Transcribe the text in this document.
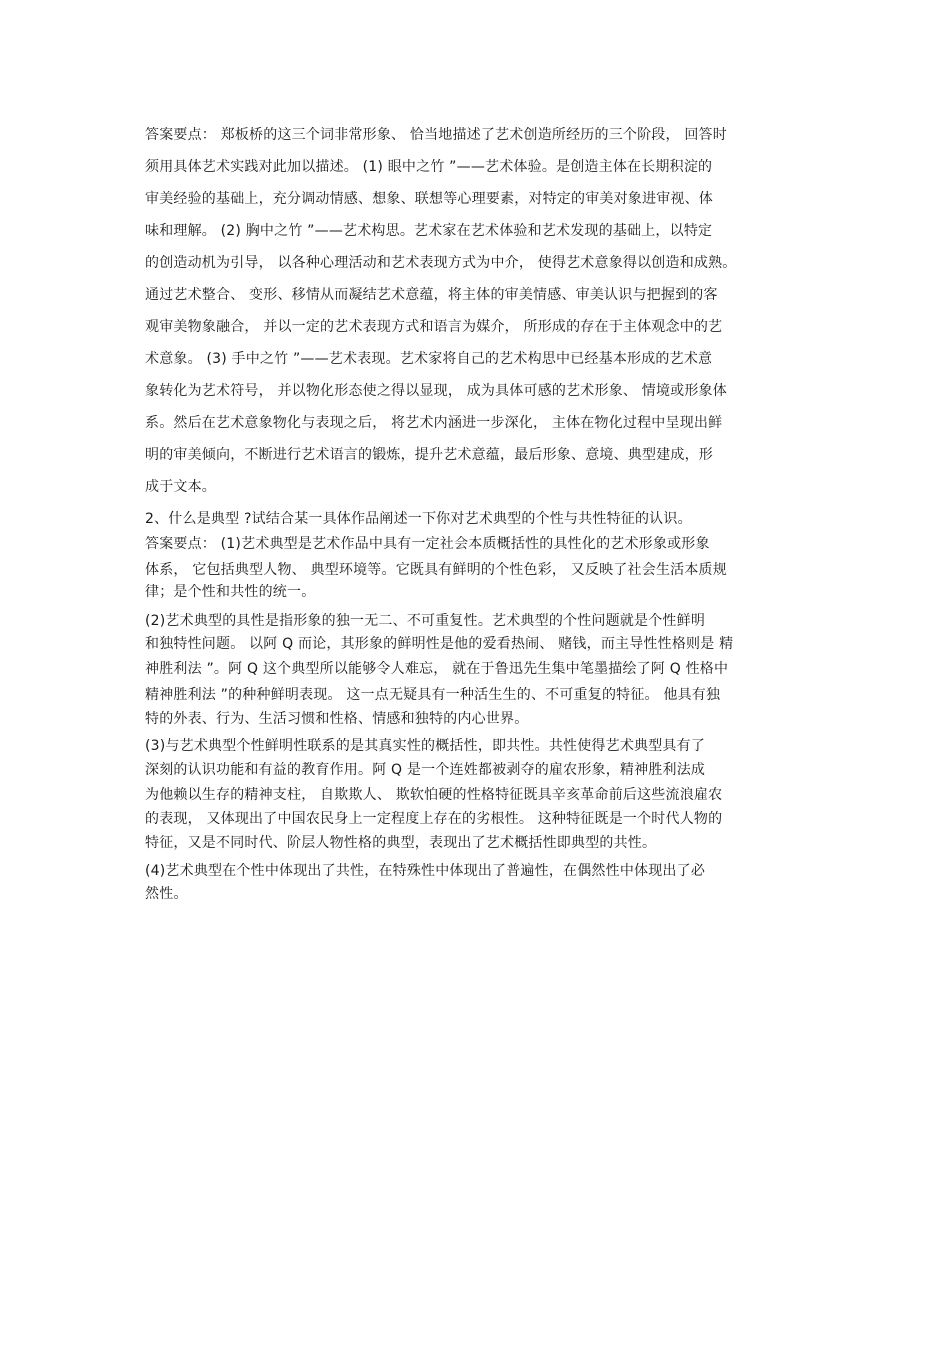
答案要点： 郑板桥的这三个词非常形象、 恰当地描述了艺术创造所经历的三个阶段， 回答时
须用具体艺术实践对此加以描述。 (1) 眼中之竹 ”——艺术体验。是创造主体在长期积淀的
审美经验的基础上，充分调动情感、想象、联想等心理要素，对特定的审美对象进审视、体
味和理解。 (2) 胸中之竹 ”——艺术构思。艺术家在艺术体验和艺术发现的基础上，以特定
的创造动机为引导， 以各种心理活动和艺术表现方式为中介， 使得艺术意象得以创造和成熟。
通过艺术整合、 变形、移情从而凝结艺术意蕴，将主体的审美情感、审美认识与把握到的客
观审美物象融合， 并以一定的艺术表现方式和语言为媒介， 所形成的存在于主体观念中的艺
术意象。 (3) 手中之竹 ”——艺术表现。艺术家将自己的艺术构思中已经基本形成的艺术意
象转化为艺术符号， 并以物化形态使之得以显现， 成为具体可感的艺术形象、 情境或形象体
系。然后在艺术意象物化与表现之后， 将艺术内涵进一步深化， 主体在物化过程中呈现出鲜
明的审美倾向，不断进行艺术语言的锻炼，提升艺术意蕴，最后形象、意境、典型建成，形
成于文本。
2、什么是典型 ?试结合某一具体作品阐述一下你对艺术典型的个性与共性特征的认识。
答案要点： (1)艺术典型是艺术作品中具有一定社会本质概括性的具性化的艺术形象或形象
体系， 它包括典型人物、 典型环境等。它既具有鲜明的个性色彩， 又反映了社会生活本质规
律；是个性和共性的统一。
(2)艺术典型的具性是指形象的独一无二、不可重复性。艺术典型的个性问题就是个性鲜明
和独特性问题。 以阿 Q 而论，其形象的鲜明性是他的爱看热闹、 赌钱，而主导性性格则是 精
神胜利法 ”。阿 Q 这个典型所以能够令人难忘， 就在于鲁迅先生集中笔墨描绘了阿 Q 性格中
精神胜利法 ”的种种鲜明表现。 这一点无疑具有一种活生生的、不可重复的特征。 他具有独
特的外表、行为、生活习惯和性格、情感和独特的内心世界。
(3)与艺术典型个性鲜明性联系的是其真实性的概括性，即共性。共性使得艺术典型具有了
深刻的认识功能和有益的教育作用。阿 Q 是一个连姓都被剥夺的雇农形象，精神胜利法成
为他赖以生存的精神支柱， 自欺欺人、 欺软怕硬的性格特征既具辛亥革命前后这些流浪雇农
的表现， 又体现出了中国农民身上一定程度上存在的劣根性。 这种特征既是一个时代人物的
特征，又是不同时代、阶层人物性格的典型，表现出了艺术概括性即典型的共性。
(4)艺术典型在个性中体现出了共性，在特殊性中体现出了普遍性，在偶然性中体现出了必
然性。
